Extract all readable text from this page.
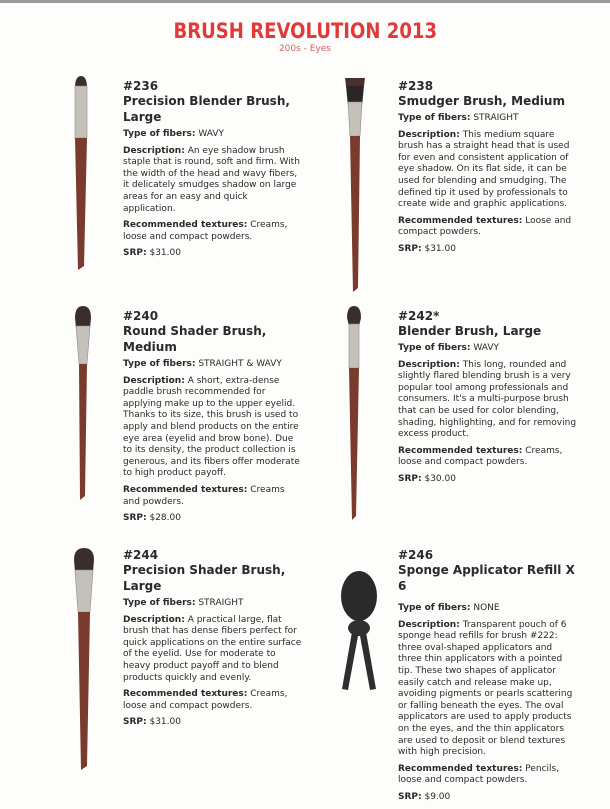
BRUSH REVOLUTION 2013
200s - Eyes
#236
Precision Blender Brush, Large
Type of fibers: WAVY
Description: An eye shadow brush staple that is round, soft and firm. With the width of the head and wavy fibers, it delicately smudges shadow on large areas for an easy and quick application.
Recommended textures: Creams, loose and compact powders.
SRP: $31.00
#238
Smudger Brush, Medium
Type of fibers: STRAIGHT
Description: This medium square brush has a straight head that is used for even and consistent application of eye shadow. On its flat side, it can be used for blending and smudging. The defined tip it used by professionals to create wide and graphic applications.
Recommended textures: Loose and compact powders.
SRP: $31.00
#240
Round Shader Brush, Medium
Type of fibers: STRAIGHT & WAVY
Description: A short, extra-dense paddle brush recommended for applying make up to the upper eyelid. Thanks to its size, this brush is used to apply and blend products on the entire eye area (eyelid and brow bone). Due to its density, the product collection is generous, and its fibers offer moderate to high product payoff.
Recommended textures: Creams and powders.
SRP: $28.00
#242*
Blender Brush, Large
Type of fibers: WAVY
Description: This long, rounded and slightly flared blending brush is a very popular tool among professionals and consumers. It's a multi-purpose brush that can be used for color blending, shading, highlighting, and for removing excess product.
Recommended textures: Creams, loose and compact powders.
SRP: $30.00
#244
Precision Shader Brush, Large
Type of fibers: STRAIGHT
Description: A practical large, flat brush that has dense fibers perfect for quick applications on the entire surface of the eyelid. Use for moderate to heavy product payoff and to blend products quickly and evenly.
Recommended textures: Creams, loose and compact powders.
SRP: $31.00
#246
Sponge Applicator Refill X 6
Type of fibers: NONE
Description: Transparent pouch of 6 sponge head refills for brush #222: three oval-shaped applicators and three thin applicators with a pointed tip. These two shapes of applicator easily catch and release make up, avoiding pigments or pearls scattering or falling beneath the eyes. The oval applicators are used to apply products on the eyes, and the thin applicators are used to deposit or blend textures with high precision.
Recommended textures: Pencils, loose and compact powders.
SRP: $9.00
